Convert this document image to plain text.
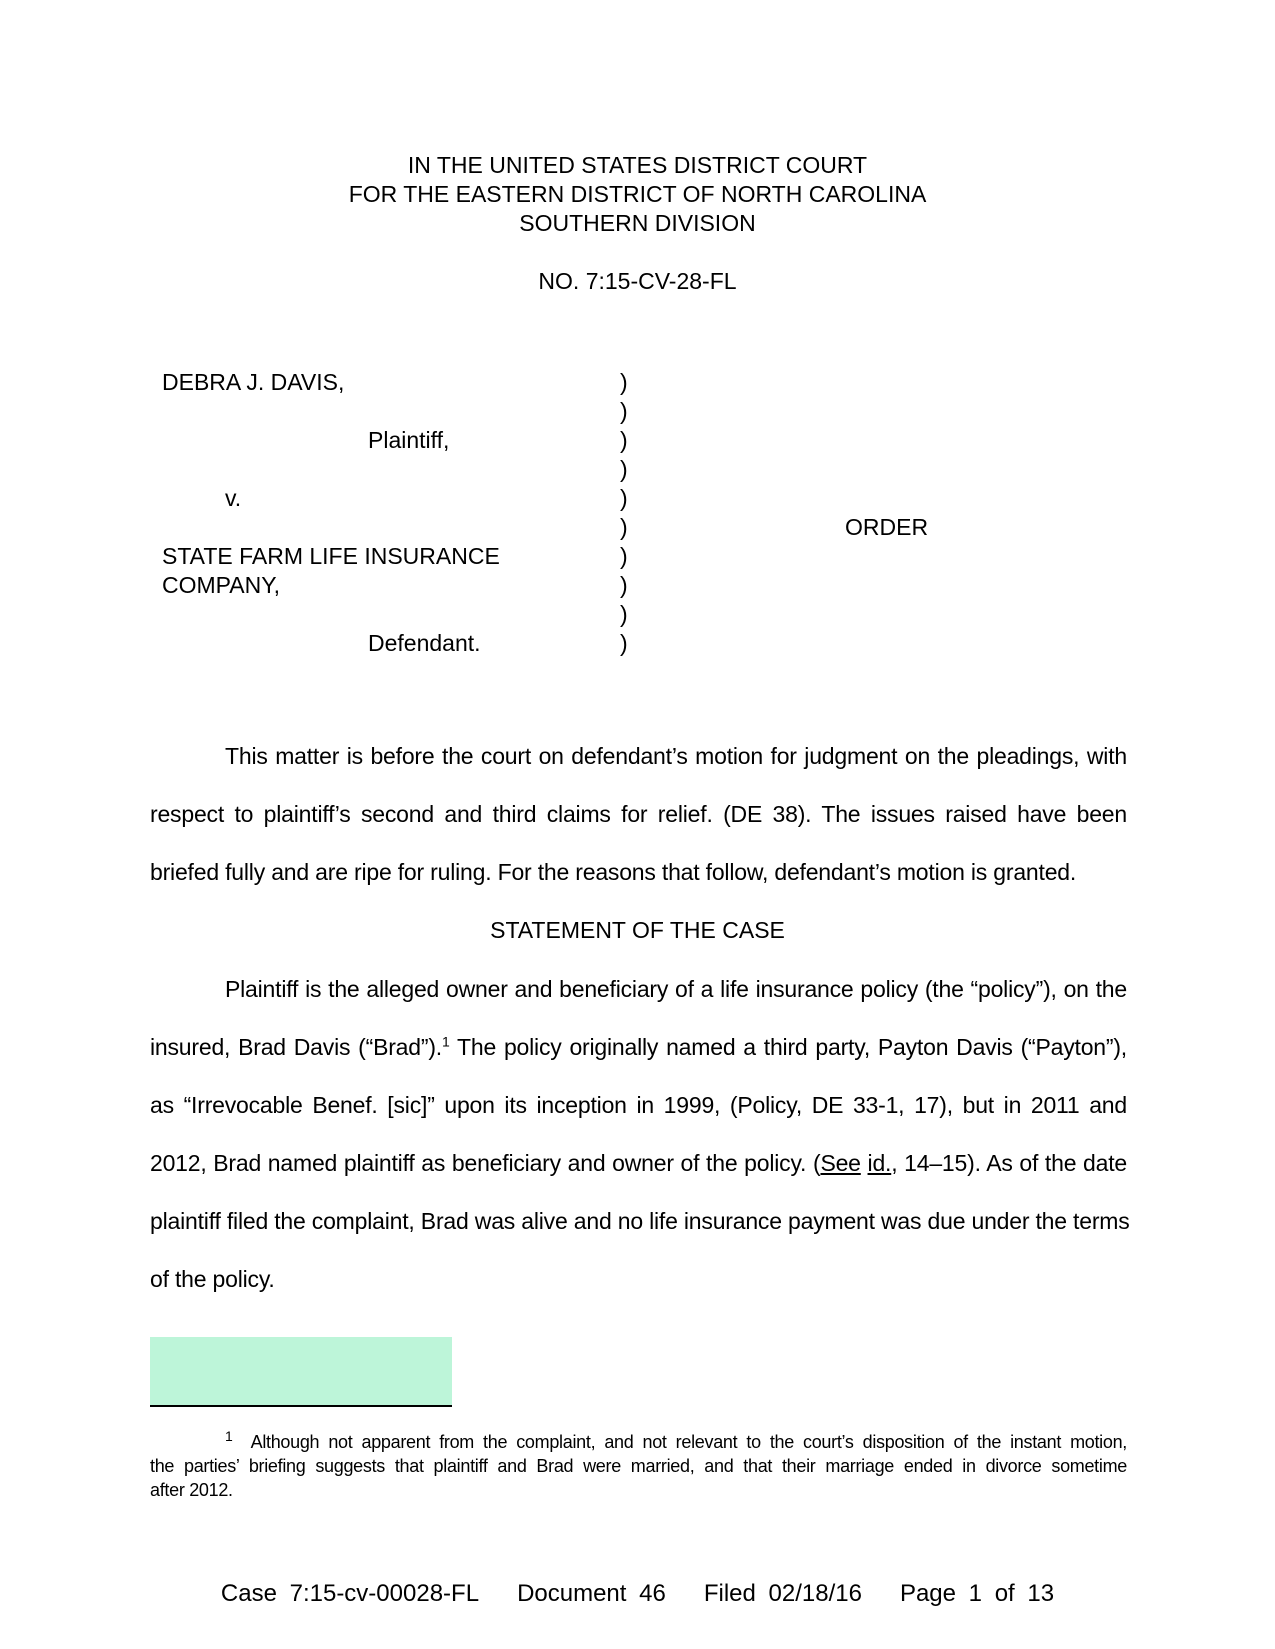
IN THE UNITED STATES DISTRICT COURT

FOR THE EASTERN DISTRICT OF NORTH CAROLINA

SOUTHERN DIVISION

NO. 7:15-CV-28-FL

DEBRA J. DAVIS,

Plaintiff,

v.

STATE FARM LIFE INSURANCE

COMPANY,

Defendant.

)
)
)
)
)
)
)
)
)
)

ORDER

This matter is before the court on defendant’s motion for judgment on the pleadings, with

respect to plaintiff’s second and third claims for relief. (DE 38). The issues raised have been

briefed fully and are ripe for ruling. For the reasons that follow, defendant’s motion is granted.

STATEMENT OF THE CASE

Plaintiff is the alleged owner and beneficiary of a life insurance policy (the “policy”), on the

insured, Brad Davis (“Brad”).$^1$ The policy originally named a third party, Payton Davis (“Payton”),

as “Irrevocable Benef. [sic]” upon its inception in 1999, (Policy, DE 33-1, 17), but in 2011 and

2012, Brad named plaintiff as beneficiary and owner of the policy. (See id., 14–15). As of the date

plaintiff filed the complaint, Brad was alive and no life insurance payment was due under the terms

of the policy.

$^1$ Although not apparent from the complaint, and not relevant to the court’s disposition of the instant motion,

the parties’ briefing suggests that plaintiff and Brad were married, and that their marriage ended in divorce sometime

after 2012.

Case 7:15-cv-00028-FL Document 46 Filed 02/18/16 Page 1 of 13
